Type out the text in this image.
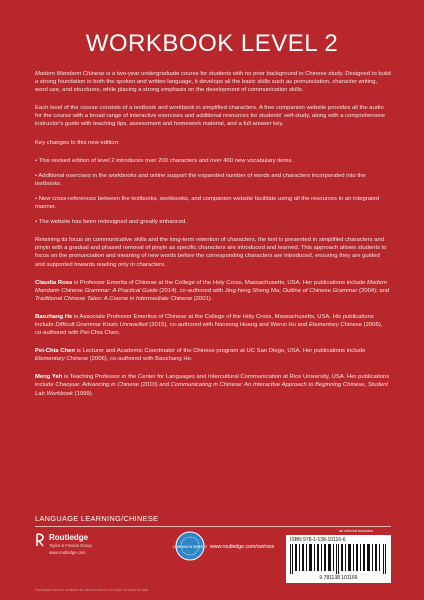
WORKBOOK LEVEL 2

Modern Mandarin Chinese is a two-year undergraduate course for students with no prior background in Chinese study. Designed to build a strong foundation in both the spoken and written language, it develops all the basic skills such as pronunciation, character writing, word use, and structures, while placing a strong emphasis on the development of communication skills.

Each level of the course consists of a textbook and workbook in simplified characters. A free companion website provides all the audio for the course with a broad range of interactive exercises and additional resources for students' self-study, along with a comprehensive instructor's guide with teaching tips, assessment and homework material, and a full answer key.

Key changes to this new edition:

• This revised edition of level 2 introduces over 200 characters and over 400 new vocabulary items.
• Additional exercises in the workbooks and online support the expanded number of words and characters incorporated into the textbooks.
• New cross-references between the textbooks, workbooks, and companion website facilitate using all the resources in an integrated manner.
• The website has been redesigned and greatly enhanced.

Retaining its focus on communicative skills and the long-term retention of characters, the text is presented in simplified characters and pinyin with a gradual and phased removal of pinyin as specific characters are introduced and learned. This approach allows students to focus on the pronunciation and meaning of new words before the corresponding characters are introduced, ensuring they are guided and supported towards reading only in characters.

Claudia Ross is Professor Emerita of Chinese at the College of the Holy Cross, Massachusetts, USA. Her publications include Modern Mandarin Chinese Grammar: A Practical Guide (2014), co-authored with Jing-heng Sheng Ma; Outline of Chinese Grammar (2004); and Traditional Chinese Tales: A Course in Intermediate Chinese (2001).

Baozhang He is Associate Professor Emeritus of Chinese at the College of the Holy Cross, Massachusetts, USA. His publications include Difficult Grammar Knots Unravelled (2015), co-authored with Nansong Huang and Wenzi Hu and Elementary Chinese (2006), co-authored with Pei-Chia Chen.

Pei-Chia Chen is Lecturer and Academic Coordinator of the Chinese program at UC San Diego, USA. Her publications include Elementary Chinese (2006), co-authored with Baozhang He.

Meng Yeh is Teaching Professor in the Center for Languages and Intercultural Communication at Rice University, USA. Her publications include Chaoyue: Advancing in Chinese (2010) and Communicating in Chinese: An Interactive Approach to Beginning Chinese, Student Lab Workbook (1999).

LANGUAGE LEARNING/CHINESE
Routledge
Taylor & Francis Group
www.routledge.com
COMPANION WEBSITE www.routledge.com/cw/ross
an informa business
ISBN 978-1-138-10116-6
9 781138 101166
Routledge titles are available as eBook editions in a range of digital formats
